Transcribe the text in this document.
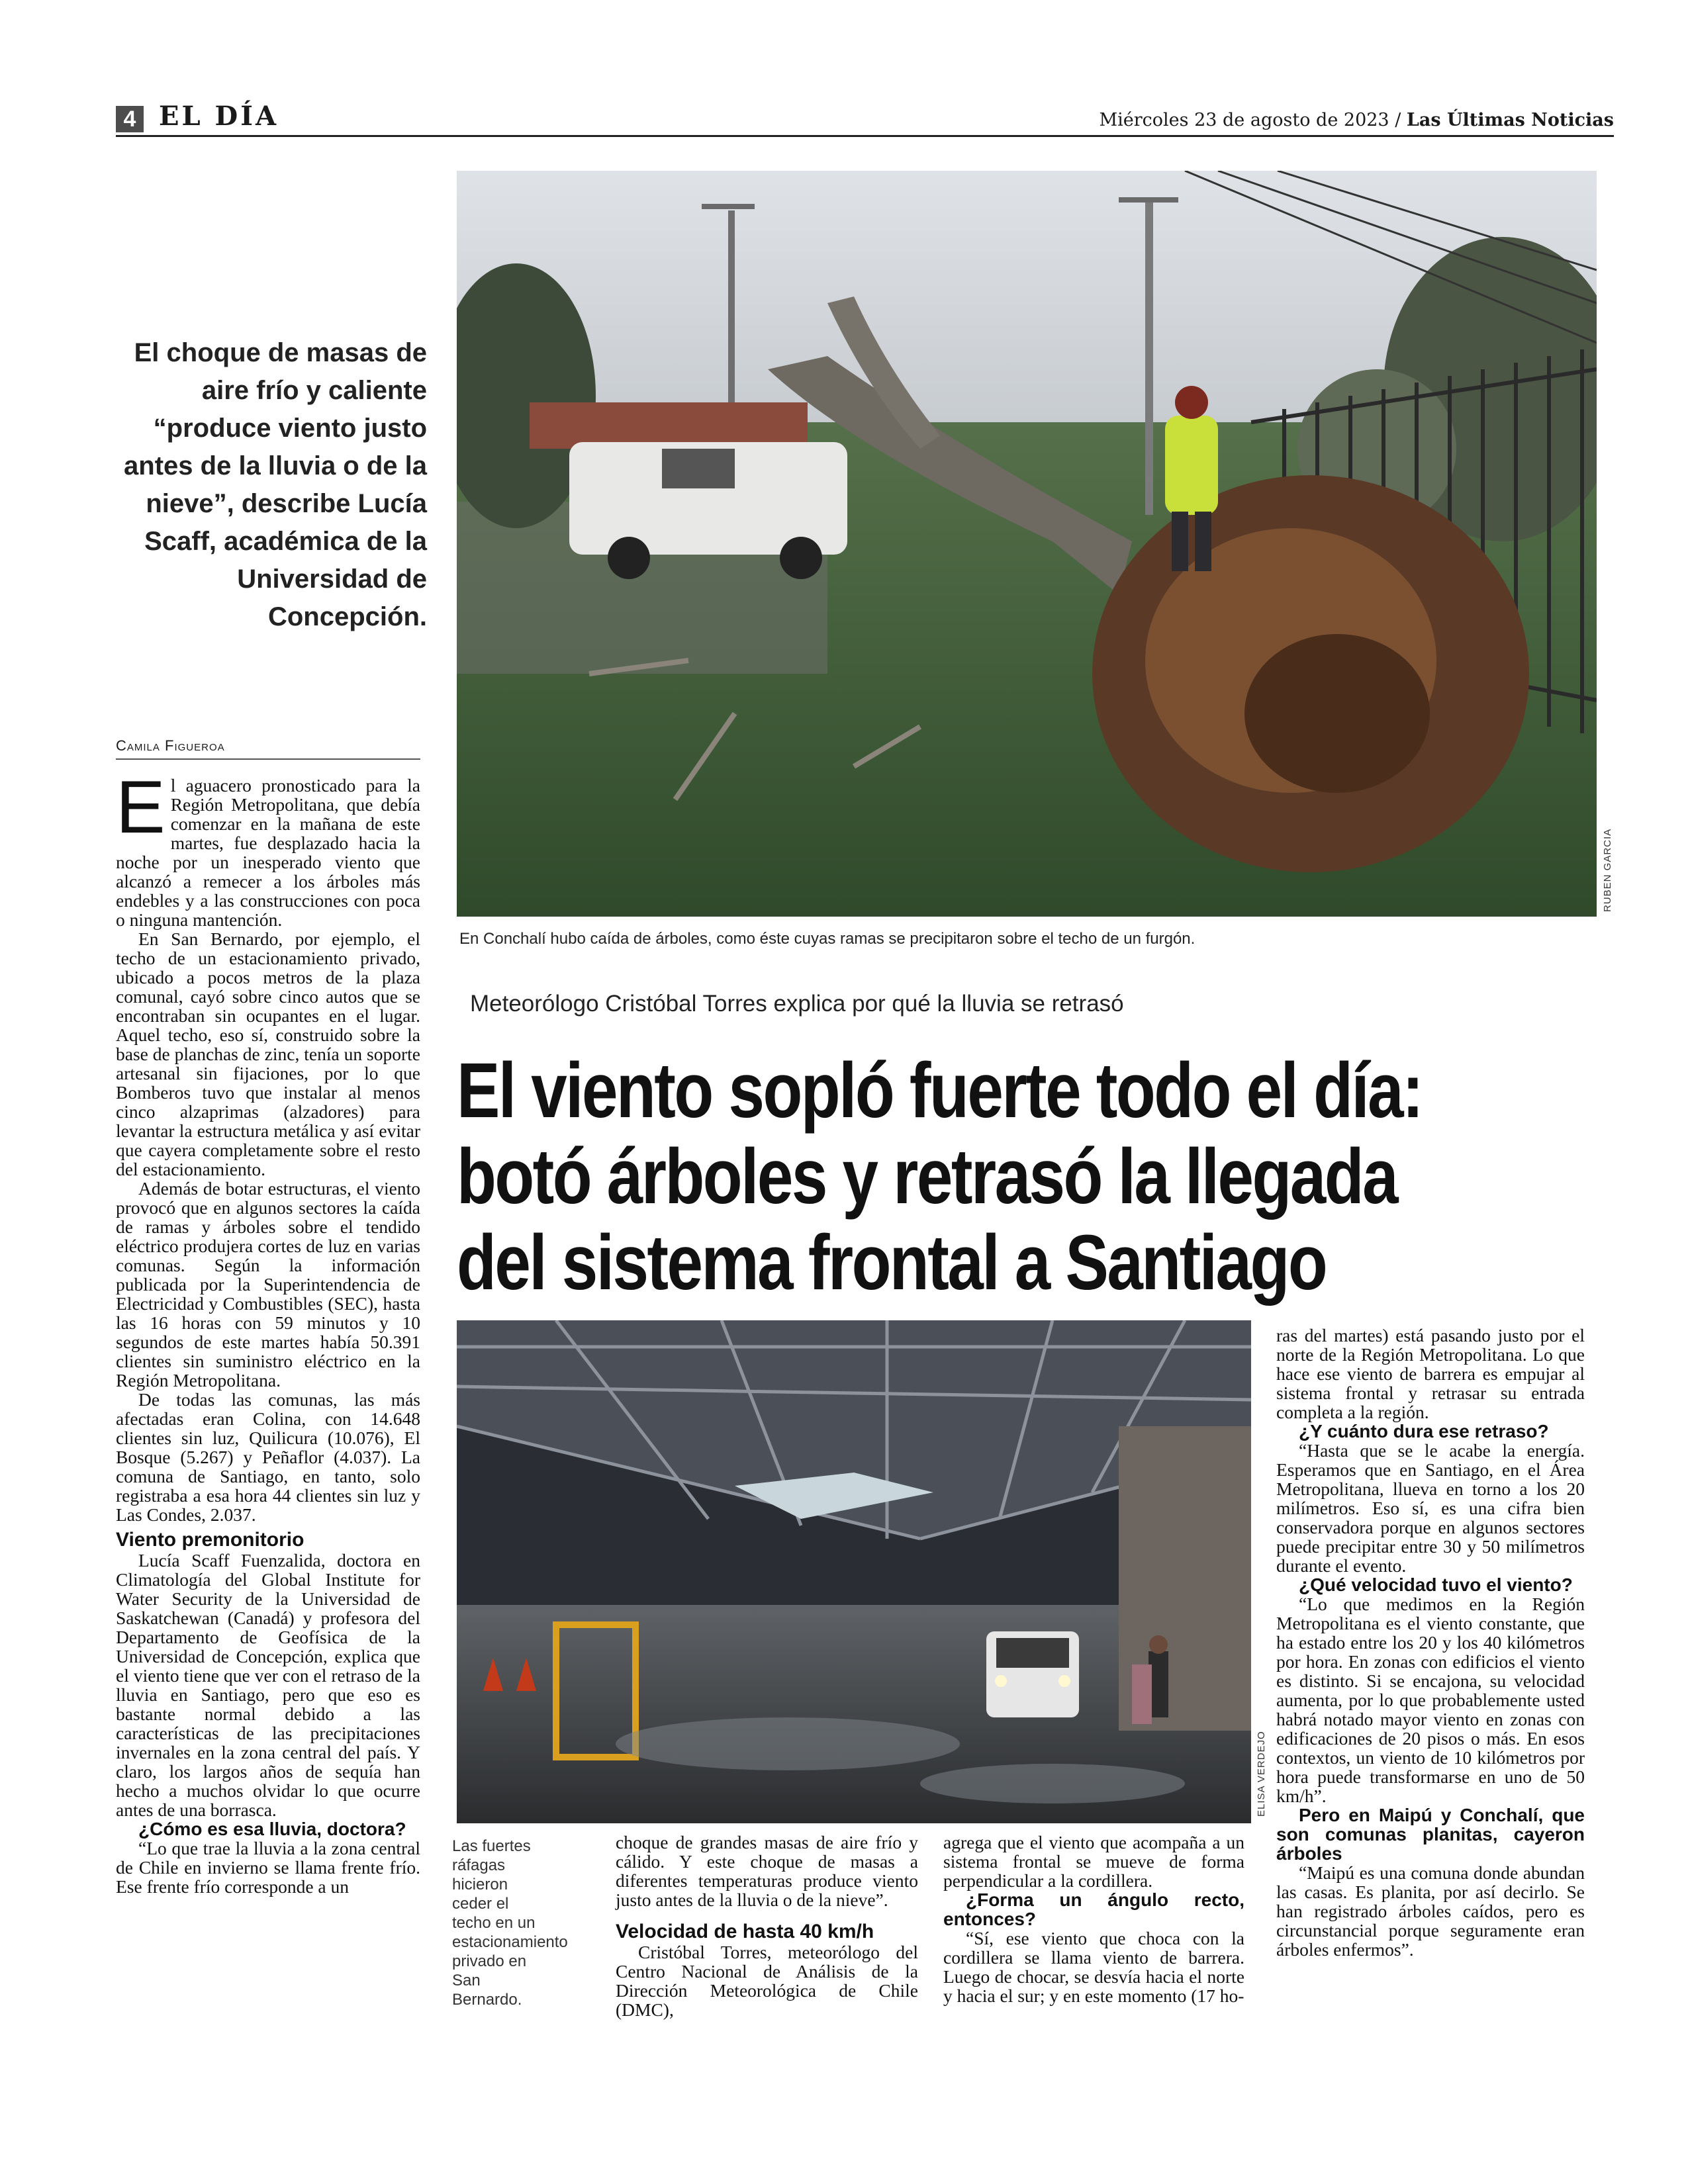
4 EL DÍA	Miércoles 23 de agosto de 2023 / Las Últimas Noticias
El choque de masas de aire frío y caliente “produce viento justo antes de la lluvia o de la nieve”, describe Lucía Scaff, académica de la Universidad de Concepción.
RUBEN GARCIA
En Conchalí hubo caída de árboles, como éste cuyas ramas se precipitaron sobre el techo de un furgón.
Camila Figueroa

El aguacero pronosticado para la Región Metropolitana, que debía comenzar en la mañana de este martes, fue desplazado hacia la noche por un inesperado viento que alcanzó a remecer a los árboles más endebles y a las construcciones con poca o ninguna mantención.

En San Bernardo, por ejemplo, el techo de un estacionamiento privado, ubicado a pocos metros de la plaza comunal, cayó sobre cinco autos que se encontraban sin ocupantes en el lugar. Aquel techo, eso sí, construido sobre la base de planchas de zinc, tenía un soporte artesanal sin fijaciones, por lo que Bomberos tuvo que instalar al menos cinco alzaprimas (alzadores) para levantar la estructura metálica y así evitar que cayera completamente sobre el resto del estacionamiento.

Además de botar estructuras, el viento provocó que en algunos sectores la caída de ramas y árboles sobre el tendido eléctrico produjera cortes de luz en varias comunas. Según la información publicada por la Superintendencia de Electricidad y Combustibles (SEC), hasta las 16 horas con 59 minutos y 10 segundos de este martes había 50.391 clientes sin suministro eléctrico en la Región Metropolitana.

De todas las comunas, las más afectadas eran Colina, con 14.648 clientes sin luz, Quilicura (10.076), El Bosque (5.267) y Peñaflor (4.037). La comuna de Santiago, en tanto, solo registraba a esa hora 44 clientes sin luz y Las Condes, 2.037.

Viento premonitorio

Lucía Scaff Fuenzalida, doctora en Climatología del Global Institute for Water Security de la Universidad de Saskatchewan (Canadá) y profesora del Departamento de Geofísica de la Universidad de Concepción, explica que el viento tiene que ver con el retraso de la lluvia en Santiago, pero que eso es bastante normal debido a las características de las precipitaciones invernales en la zona central del país. Y claro, los largos años de sequía han hecho a muchos olvidar lo que ocurre antes de una borrasca.

¿Cómo es esa lluvia, doctora?

“Lo que trae la lluvia a la zona central de Chile en invierno se llama frente frío. Ese frente frío corresponde a un

Meteorólogo Cristóbal Torres explica por qué la lluvia se retrasó
El viento sopló fuerte todo el día:
botó árboles y retrasó la llegada
del sistema frontal a Santiago
ELISA VERDEJO
Las fuertes ráfagas hicieron ceder el techo en un estacionamiento privado en San Bernardo.

choque de grandes masas de aire frío y cálido. Y este choque de masas a diferentes temperaturas produce viento justo antes de la lluvia o de la nieve”.

Velocidad de hasta 40 km/h

Cristóbal Torres, meteorólogo del Centro Nacional de Análisis de la Dirección Meteorológica de Chile (DMC),

agrega que el viento que acompaña a un sistema frontal se mueve de forma perpendicular a la cordillera.

¿Forma un ángulo recto, entonces?

“Sí, ese viento que choca con la cordillera se llama viento de barrera. Luego de chocar, se desvía hacia el norte y hacia el sur; y en este momento (17 ho-

ras del martes) está pasando justo por el norte de la Región Metropolitana. Lo que hace ese viento de barrera es empujar al sistema frontal y retrasar su entrada completa a la región.

¿Y cuánto dura ese retraso?

“Hasta que se le acabe la energía. Esperamos que en Santiago, en el Área Metropolitana, llueva en torno a los 20 milímetros. Eso sí, es una cifra bien conservadora porque en algunos sectores puede precipitar entre 30 y 50 milímetros durante el evento.

¿Qué velocidad tuvo el viento?

“Lo que medimos en la Región Metropolitana es el viento constante, que ha estado entre los 20 y los 40 kilómetros por hora. En zonas con edificios el viento es distinto. Si se encajona, su velocidad aumenta, por lo que probablemente usted habrá notado mayor viento en zonas con edificaciones de 20 pisos o más. En esos contextos, un viento de 10 kilómetros por hora puede transformarse en uno de 50 km/h”.

Pero en Maipú y Conchalí, que son comunas planitas, cayeron árboles

“Maipú es una comuna donde abundan las casas. Es planita, por así decirlo. Se han registrado árboles caídos, pero es circunstancial porque seguramente eran árboles enfermos”.
